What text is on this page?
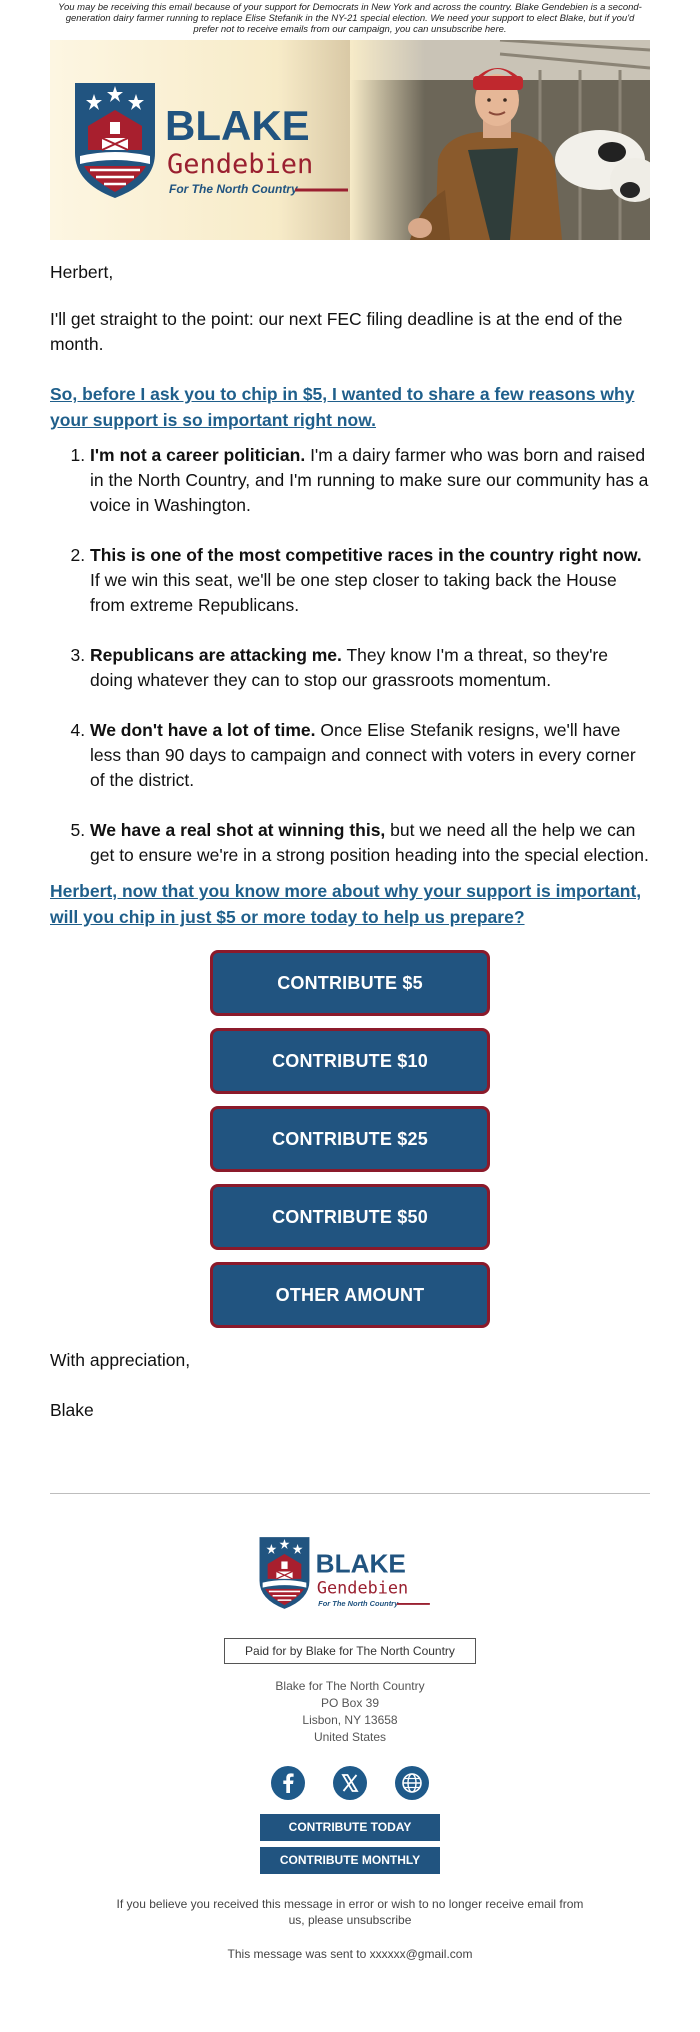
You may be receiving this email because of your support for Democrats in New York and across the country. Blake Gendebien is a second-generation dairy farmer running to replace Elise Stefanik in the NY-21 special election. We need your support to elect Blake, but if you'd prefer not to receive emails from our campaign, you can unsubscribe here.
BLAKE
Gendebien
For The North Country

Herbert,

I'll get straight to the point: our next FEC filing deadline is at the end of the month.

So, before I ask you to chip in $5, I wanted to share a few reasons why your support is so important right now.

1. I'm not a career politician. I'm a dairy farmer who was born and raised in the North Country, and I'm running to make sure our community has a voice in Washington.
2. This is one of the most competitive races in the country right now. If we win this seat, we'll be one step closer to taking back the House from extreme Republicans.
3. Republicans are attacking me. They know I'm a threat, so they're doing whatever they can to stop our grassroots momentum.
4. We don't have a lot of time. Once Elise Stefanik resigns, we'll have less than 90 days to campaign and connect with voters in every corner of the district.
5. We have a real shot at winning this, but we need all the help we can get to ensure we're in a strong position heading into the special election.

Herbert, now that you know more about why your support is important, will you chip in just $5 or more today to help us prepare?

CONTRIBUTE $5
CONTRIBUTE $10
CONTRIBUTE $25
CONTRIBUTE $50
OTHER AMOUNT

With appreciation,

Blake

BLAKE
Gendebien
For The North Country
Paid for by Blake for The North Country
Blake for The North Country
PO Box 39
Lisbon, NY 13658
United States
CONTRIBUTE TODAY
CONTRIBUTE MONTHLY

If you believe you received this message in error or wish to no longer receive email from us, please unsubscribe

This message was sent to xxxxxx@gmail.com
